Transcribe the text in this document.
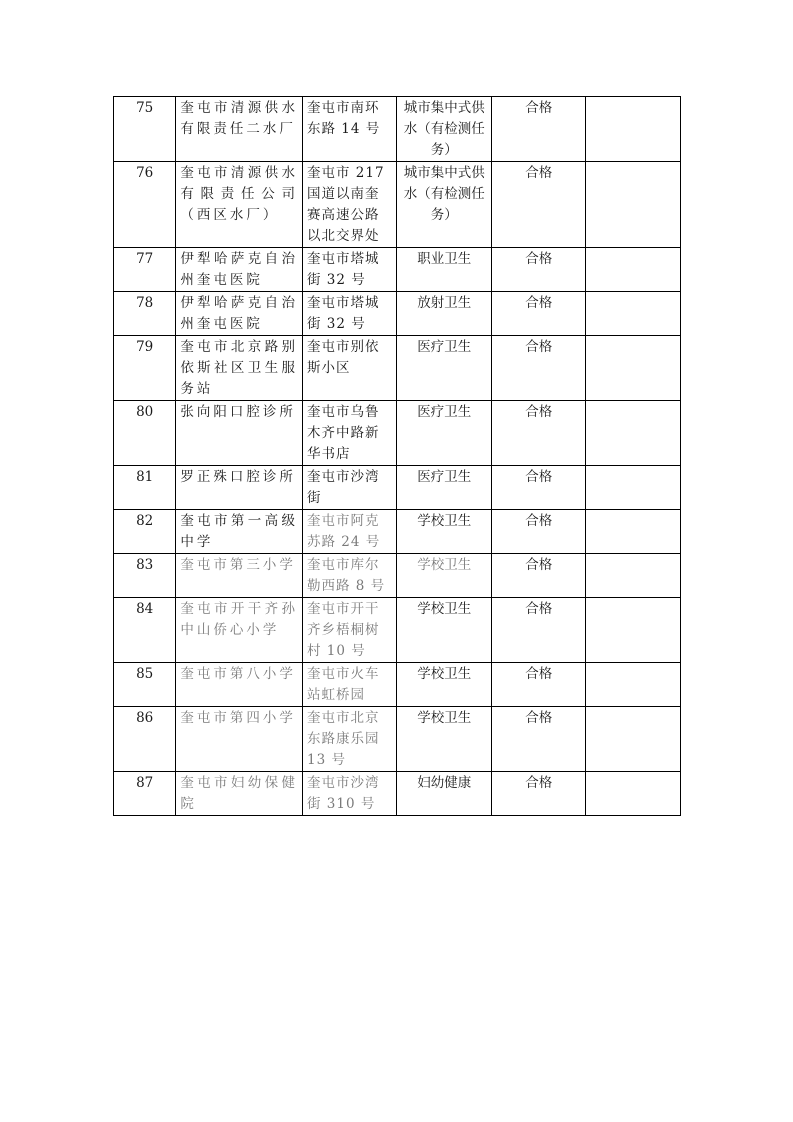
75	奎屯市清源供水有限责任二水厂	奎屯市南环东路 14 号	城市集中式供水（有检测任务）	合格	
76	奎屯市清源供水有限责任公司（西区水厂）	奎屯市 217 国道以南奎赛高速公路以北交界处	城市集中式供水（有检测任务）	合格	
77	伊犁哈萨克自治州奎屯医院	奎屯市塔城街 32 号	职业卫生	合格	
78	伊犁哈萨克自治州奎屯医院	奎屯市塔城街 32 号	放射卫生	合格	
79	奎屯市北京路别依斯社区卫生服务站	奎屯市别依斯小区	医疗卫生	合格	
80	张向阳口腔诊所	奎屯市乌鲁木齐中路新华书店	医疗卫生	合格	
81	罗正殊口腔诊所	奎屯市沙湾街	医疗卫生	合格	
82	奎屯市第一高级中学	奎屯市阿克苏路 24 号	学校卫生	合格	
83	奎屯市第三小学	奎屯市库尔勒西路 8 号	学校卫生	合格	
84	奎屯市开干齐孙中山侨心小学	奎屯市开干齐乡梧桐树村 10 号	学校卫生	合格	
85	奎屯市第八小学	奎屯市火车站虹桥园	学校卫生	合格	
86	奎屯市第四小学	奎屯市北京东路康乐园 13 号	学校卫生	合格	
87	奎屯市妇幼保健院	奎屯市沙湾街 310 号	妇幼健康	合格	
